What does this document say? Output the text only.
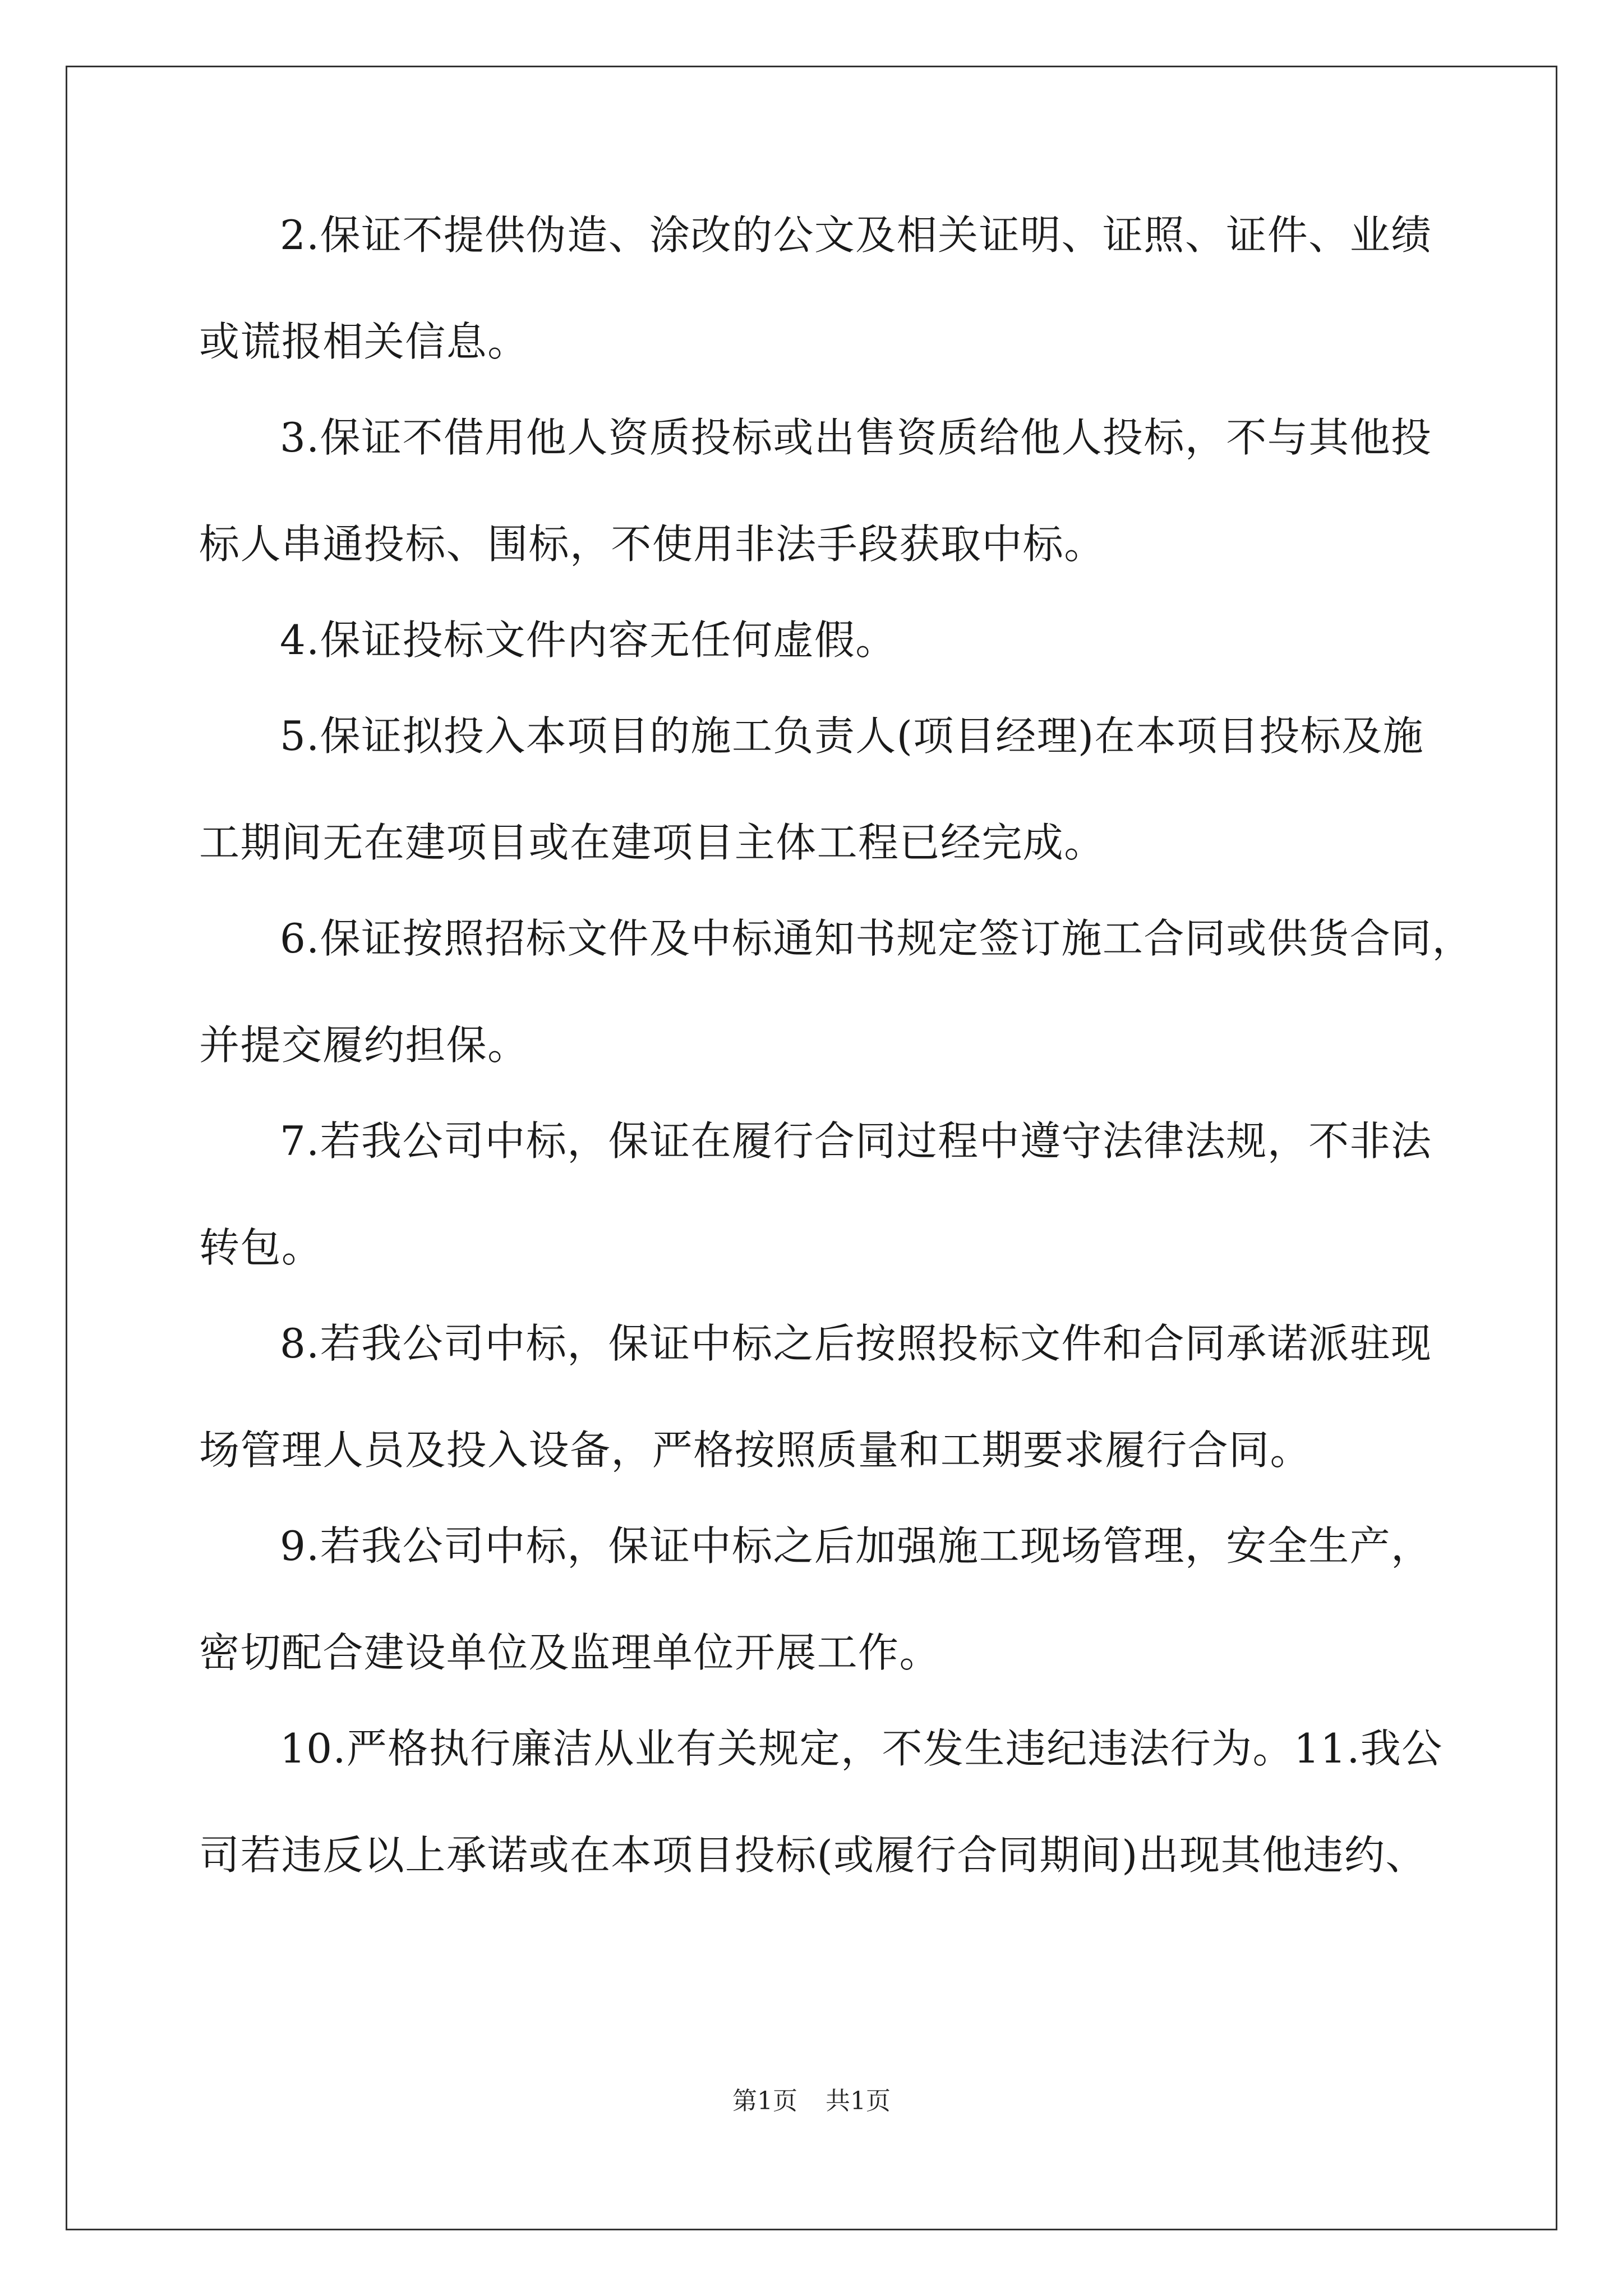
2.保证不提供伪造、涂改的公文及相关证明、证照、证件、业绩
或谎报相关信息。
3.保证不借用他人资质投标或出售资质给他人投标，不与其他投
标人串通投标、围标，不使用非法手段获取中标。
4.保证投标文件内容无任何虚假。
5.保证拟投入本项目的施工负责人(项目经理)在本项目投标及施
工期间无在建项目或在建项目主体工程已经完成。
6.保证按照招标文件及中标通知书规定签订施工合同或供货合同，
并提交履约担保。
7.若我公司中标，保证在履行合同过程中遵守法律法规，不非法
转包。
8.若我公司中标，保证中标之后按照投标文件和合同承诺派驻现
场管理人员及投入设备，严格按照质量和工期要求履行合同。
9.若我公司中标，保证中标之后加强施工现场管理，安全生产，
密切配合建设单位及监理单位开展工作。
10.严格执行廉洁从业有关规定，不发生违纪违法行为。11.我公
司若违反以上承诺或在本项目投标(或履行合同期间)出现其他违约、
第1页 共1页
